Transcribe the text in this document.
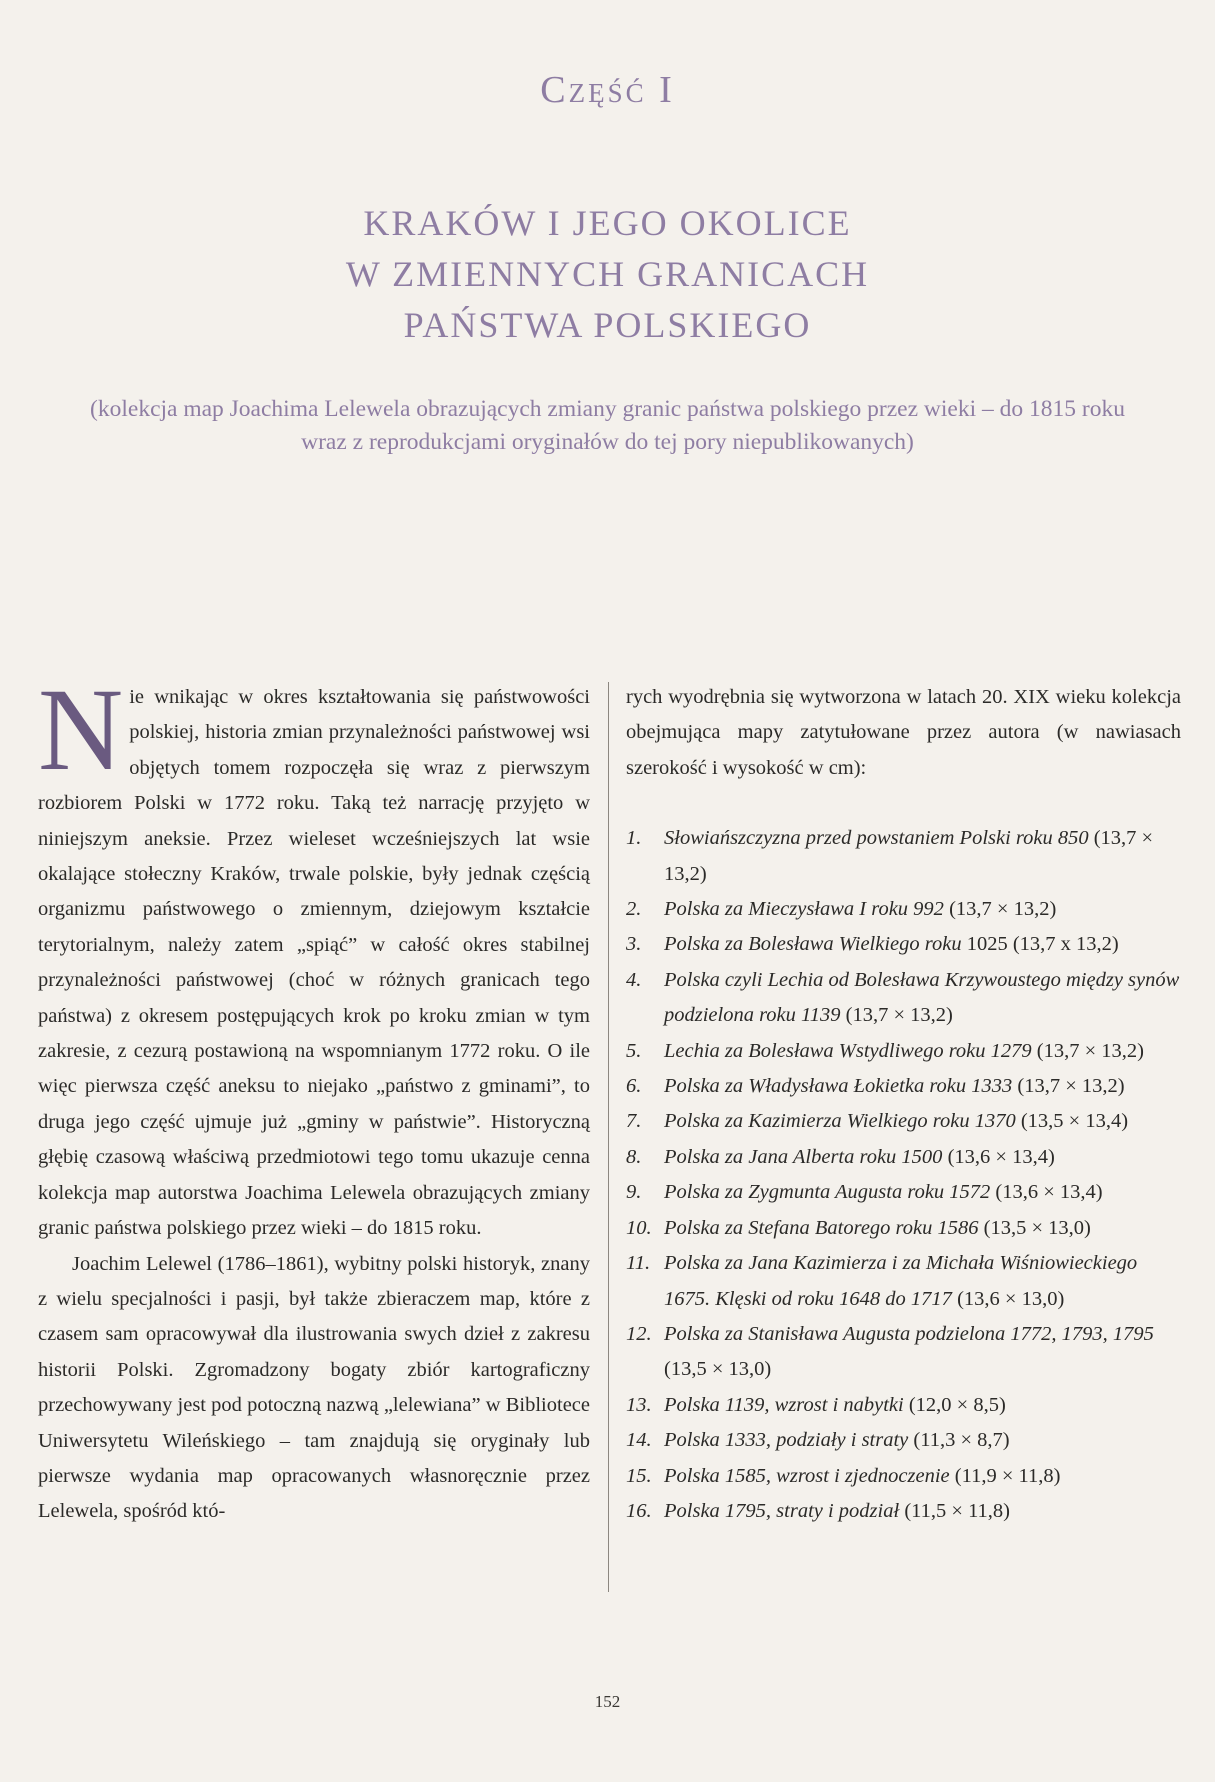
Część I
KRAKÓW I JEGO OKOLICE
W ZMIENNYCH GRANICACH
PAŃSTWA POLSKIEGO
(kolekcja map Joachima Lelewela obrazujących zmiany granic państwa polskiego przez wieki – do 1815 roku
wraz z reprodukcjami oryginałów do tej pory niepublikowanych)

Nie wnikając w okres kształtowania się państwowości polskiej, historia zmian przynależności państwowej wsi objętych tomem rozpoczęła się wraz z pierwszym rozbiorem Polski w 1772 roku. Taką też narrację przyjęto w niniejszym aneksie. Przez wieleset wcześniejszych lat wsie okalające stołeczny Kraków, trwale polskie, były jednak częścią organizmu państwowego o zmiennym, dziejowym kształcie terytorialnym, należy zatem „spiąć” w całość okres stabilnej przynależności państwowej (choć w różnych granicach tego państwa) z okresem postępujących krok po kroku zmian w tym zakresie, z cezurą postawioną na wspomnianym 1772 roku. O ile więc pierwsza część aneksu to niejako „państwo z gminami”, to druga jego część ujmuje już „gminy w państwie”. Historyczną głębię czasową właściwą przedmiotowi tego tomu ukazuje cenna kolekcja map autorstwa Joachima Lelewela obrazujących zmiany granic państwa polskiego przez wieki – do 1815 roku.

Joachim Lelewel (1786–1861), wybitny polski historyk, znany z wielu specjalności i pasji, był także zbieraczem map, które z czasem sam opracowywał dla ilustrowania swych dzieł z zakresu historii Polski. Zgromadzony bogaty zbiór kartograficzny przechowywany jest pod potoczną nazwą „lelewiana” w Bibliotece Uniwersytetu Wileńskiego – tam znajdują się oryginały lub pierwsze wydania map opracowanych własnoręcznie przez Lelewela, spośród któ-

rych wyodrębnia się wytworzona w latach 20. XIX wieku kolekcja obejmująca mapy zatytułowane przez autora (w nawiasach szerokość i wysokość w cm):

1. Słowiańszczyzna przed powstaniem Polski roku 850 (13,7 × 13,2)
2. Polska za Mieczysława I roku 992 (13,7 × 13,2)
3. Polska za Bolesława Wielkiego roku 1025 (13,7 x 13,2)
4. Polska czyli Lechia od Bolesława Krzywoustego między synów podzielona roku 1139 (13,7 × 13,2)
5. Lechia za Bolesława Wstydliwego roku 1279 (13,7 × 13,2)
6. Polska za Władysława Łokietka roku 1333 (13,7 × 13,2)
7. Polska za Kazimierza Wielkiego roku 1370 (13,5 × 13,4)
8. Polska za Jana Alberta roku 1500 (13,6 × 13,4)
9. Polska za Zygmunta Augusta roku 1572 (13,6 × 13,4)
10. Polska za Stefana Batorego roku 1586 (13,5 × 13,0)
11. Polska za Jana Kazimierza i za Michała Wiśniowieckiego 1675. Klęski od roku 1648 do 1717 (13,6 × 13,0)
12. Polska za Stanisława Augusta podzielona 1772, 1793, 1795 (13,5 × 13,0)
13. Polska 1139, wzrost i nabytki (12,0 × 8,5)
14. Polska 1333, podziały i straty (11,3 × 8,7)
15. Polska 1585, wzrost i zjednoczenie (11,9 × 11,8)
16. Polska 1795, straty i podział (11,5 × 11,8)
152
